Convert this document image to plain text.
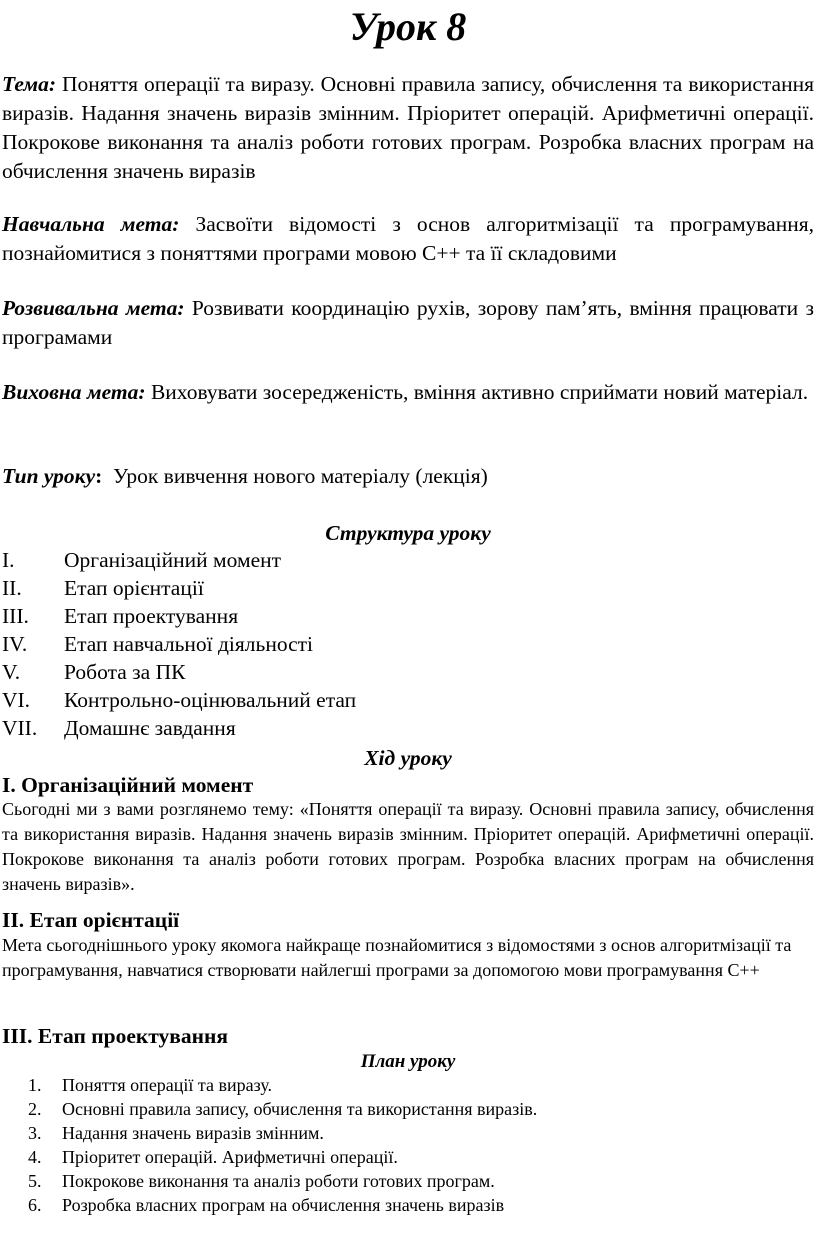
Урок 8
Тема: Поняття операції та виразу. Основні правила запису, обчислення та використання виразів. Надання значень виразів змінним. Пріоритет операцій. Арифметичні операції. Покрокове виконання та аналіз роботи готових програм. Розробка власних програм на обчислення значень виразів
Навчальна мета: Засвоїти відомості з основ алгоритмізації та програмування, познайомитися з поняттями програми мовою С++ та її складовими
Розвивальна мета: Розвивати координацію рухів, зорову пам’ять, вміння працювати з програмами
Виховна мета: Виховувати зосередженість, вміння активно сприймати новий матеріал.
Тип уроку:  Урок вивчення нового матеріалу (лекція)
Структура уроку
I. Організаційний момент
II. Етап орієнтації
III. Етап проектування
IV. Етап навчальної діяльності
V. Робота за ПК
VI. Контрольно-оцінювальний етап
VII. Домашнє завдання
Хід уроку
I. Організаційний момент
Сьогодні ми з вами розглянемо тему: «Поняття операції та виразу. Основні правила запису, обчислення та використання виразів. Надання значень виразів змінним. Пріоритет операцій. Арифметичні операції. Покрокове виконання та аналіз роботи готових програм. Розробка власних програм на обчислення значень виразів».
II. Етап орієнтації
Мета сьогоднішнього уроку якомога найкраще познайомитися з відомостями з основ алгоритмізації та програмування, навчатися створювати найлегші програми за допомогою мови програмування С++
III. Етап проектування
План уроку
1. Поняття операції та виразу.
2. Основні правила запису, обчислення та використання виразів.
3. Надання значень виразів змінним.
4. Пріоритет операцій. Арифметичні операції.
5. Покрокове виконання та аналіз роботи готових програм.
6. Розробка власних програм на обчислення значень виразів
